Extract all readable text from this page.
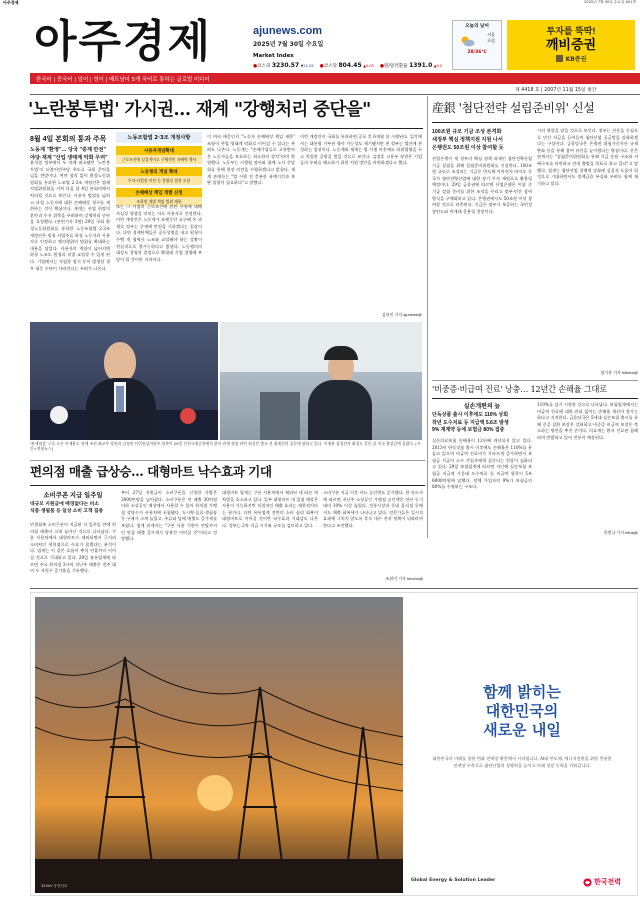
아주경제	2025년 7월 30일 수요일 A01면
아주경제	ajunews.com
2025년 7월 30일 수요일
Market Index
●코스피 3230.57 ▼21.05 ●코스닥 804.45 ▲0.05 ●원/달러환율 1391.0 ▲9.0
오늘의 날씨
서울
흐림
28/36℃
투자를 뚝딱!
깨비증권
KB증권
한국어 | 중국어 | 일어 | 영어 | 베트남어 5개 국어로 통하는 글로벌 미디어
제 4418 호 | 2007년 11월 15일 창간
'노란봉투법' 가시권… 재계 "강행처리 중단을"
8월 4일 본회의 통과 주목
노동계 "환영"… 당국 "중재 만전"
야당·재계 "산업 생태계 악화 우려"
윤석열 정부에서 두 차례 좌초됐던 '노란봉투법'이 더불어민주당 주도로 국회 문턱을 넘을 전망이다. 여야 합의 없이 환경노동위원회를 통과한 노조법 2·3조 개정안은 법제사법위원회를 거쳐 다음 달 4일 본회의에서 처리될 것으로 보인다. 사용자 범위를 넓히고 파업 노동자에 대한 손해배상 청구를 제한하는 것이 핵심이다. 재계는 산업 현장의 혼란과 투자 위축을 우려하며 강행처리 중단을 요청했다. (관련기사 3면) 29일 국회 환경노동위원회를 통과한 노동조합법 2·3조 개정안은 원청 사업주를 하청 노동자의 사용자로 인정하고 쟁의행위의 범위를 확대하는 내용을 담았다. 사용자의 개념이 넓어지면 하청 노조도 원청과 직접 교섭할 수 있게 된다. 기업에서는 사업장 점거 등이 발생할 경우 대응 수단이 사라진다는 우려가 나온다.
노동조합법 2·3조 개정사항
사용자개념확대
근로조건에 실질적이고 구체적인 지배력 행사
노동쟁의 개념 확대
투자·사업장 이전 등 경영상 결정 포함
손해배상 책임 개별 산정
조합원 개별 책임 범위 제한
또는 그 사업의 근로조건에 관한 사항에 대해 사실상 영향을 미치는 자도 사용자로 인정한다. 이번 개정안은 노동계가 오랫동안 요구해 온 과제로 정부는 중재에 만전을 기하겠다는 입장이다. 다만 경제단체들은 공동성명을 내고 원청이 수백 개 협력사 노조와 교섭해야 하는 상황이 현실적으로 불가능하다고 밝혔다. 노동쟁의의 대상도 경영상 결정으로 확대돼 기업 경영에 부담이 될 것이란 지적이다.
이 여파 때문인지 "노동자 손해배상 책임 제한" 조항이 산업 생태계 악화로 이어질 수 있다는 우려도 나온다. 노동계는 "손배가압류로 고통받아온 노동자들을 보호하는 최소한의 장치"라며 환영했다. 노동부는 시행령 정비와 함께 노사 간담회를 통해 현장 의견을 수렴하겠다고 밝혔다. 재계 관계자는 "법 시행 전 충분한 유예기간과 보완 입법이 필요하다"고 말했다.
이번 개정안이 국회를 통과하면 공포 후 6개월 뒤 시행된다. 일각에서는 대통령 거부권 행사 가능성도 제기됐지만 현 정부는 법안에 찬성하는 입장이다. 노동계와 재계는 법 시행 이후에도 하위법령을 두고 치열한 공방을 벌일 것으로 보인다. 김정훈 고용부 장관은 기업들의 우려를 해소하기 위한 지원 방안을 마련하겠다고 했다.
김유진 기자 ajunews@
'관세협상' 구호 오른 이재용도 함께 조현 외교부 장관과 김정관 산업통상자원부 장관이 29일 인천국제공항에서 한미 관세 협상 관련 워싱턴 출국 전 취재진의 질문에 답하고 있다. 이재용 삼성전자 회장도 같은 날 미국 출장길에 올랐다. [사진=연합뉴스]
産銀 '첨단전략 설립준비위' 신설
100조원 규모 기금 조성 본격화
새정부 핵심 정책지원 지원 나서
은행권도 50조원 이상 참여할 듯
산업은행이 새 정부의 핵심 정책 과제인 첨단전략산업기금 설립을 위해 설립준비위원회를 신설한다. 100조원 규모로 조성되는 기금은 반도체·이차전지·바이오 등 국가 첨단전략산업에 대한 장기 투자 재원으로 활용될 예정이다. 29일 금융권에 따르면 산업은행은 이달 중 기금 설립 준비를 위한 조직을 꾸리고 정부·민간 참여 방식을 구체화하고 있다. 은행권에서도 50조원 이상 참여할 것으로 관측된다. 기금은 정부가 보증하는 국민성장펀드와 연계돼 운용될 전망이다.
시의 역할을 맡을 것으로 보인다. 정부는 산은을 중심으로 민간 자금을 끌어들여 첨단산업 공급망을 강화하겠다는 구상이다. 금융당국은 은행권 위험가중자산 규제 완화 등을 통해 참여 유인을 높이겠다는 방침이다. 산은 관계자는 "설립준비위원회를 통해 기금 운용 구조와 지배구조를 마련하고 연내 출범을 목표로 하고 있다"고 말했다. 업계는 첨단산업 경쟁력 강화에 실질적 도움이 될 것으로 기대하면서도 정책금융 부실화 우려도 함께 제기하고 있다.
정기홍 기자 hidden@
'비중증·비급여 진료' 낭충… 12년간 손해율 그대로
실손개편의 늪
단독상품 출시 이후에도 110% 상회
작년 도수치료 등 지급액 5.6조 발생
9% 재계약 등에 보험금 80% 집중
실손의료보험 손해율이 12년째 개선되지 않고 있다. 2013년 단독상품 출시 이후에도 손해율은 110%를 웃돌고 있으며 비급여 진료비가 가파르게 증가하면서 보험금 지급이 소수 가입자에게 집중되는 현상이 심화되고 있다. 29일 보험업계에 따르면 지난해 실손보험 보험금 지급액 가운데 도수치료 등 비급여 항목이 5조6000억원에 달했다. 전체 가입자의 9%가 보험금의 80%를 수령하는 구조다.
110%를 넘기 시작한 것으로 나타났다. 보험업계에서는 비급여 진료에 대한 관리 없이는 손해율 개선이 불가능하다고 지적한다. 금융당국은 5세대 실손보험 출시를 통해 중증 질환 보장은 강화하고 비중증 비급여 보장은 축소하는 방안을 추진 중이다. 의료계는 환자 진료권 침해라며 반발하고 있어 진통이 예상된다.
한빛나 기자 bitna@
편의점 매출 급상승… 대형마트 낙수효과 기대
소비쿠폰 지급 일주일
대규모 지원금에 배경없다는 비소
식품·생필품 등 일상 소비 고객 집중
민생회복 소비쿠폰이 지급된 지 일주일 만에 편의점 매출이 크게 늘어난 것으로 나타났다. 쿠폰 사용처에서 대형마트가 제외되면서 근거리 소비처인 편의점으로 수요가 몰렸다는 분석이다. 업계는 이 같은 흐름이 추석 연휴까지 이어질 것으로 기대하고 있다. 29일 유통업계에 따르면 주요 편의점 3사의 지난주 매출은 전주 대비 두 자릿수 증가율을 기록했다.
부터 27일 지원금이 소비쿠폰을 신청한 사람은 3000만명을 넘어섰다. 소비쿠폰은 연 매출 30억원 이하 소상공인 매장에서 사용할 수 있어 편의점 가맹점 상당수가 사용처에 포함됐다. 도시락·음료·생필품 등 구매가 크게 늘었고, 주류와 담배 매출도 증가세를 보였다. 업계 관계자는 "쿠폰 사용 기한이 연말까지인 만큼 매출 증가세가 당분간 이어질 것"이라고 전망했다.
대형마트 업계는 쿠폰 사용처에서 제외된 데 따른 역차별을 호소하고 있다. 일부 대형마트 내 입점 매장은 사용이 가능하지만 직접적인 매출 효과는 제한적이라는 평가다. 다만 유통업계 전반의 소비 심리 회복이 대형마트로 이어질 것이란 낙수효과 기대감도 나온다. 정부는 2차 지급 시기와 규모를 검토하고 있다.
소비쿠폰 지급 이후 카드 승인액도 증가했다. 한 카드사에 따르면 지난주 소상공인 가맹점 승인액은 전년 동기 대비 10% 이상 늘었다. 전통시장과 동네 음식점 등에서도 매출 회복세가 나타나고 있다. 전문가들은 일시적 효과에 그치지 않도록 후속 내수 진작 정책이 뒤따라야 한다고 조언했다.
조현미 기자 hmcho@
345kV 송전선로
함께 밝히는
대한민국의
새로운 내일
대한민국의 미래를 향한 변화 전력망 확충에서 시작됩니다. AI와 반도체, 에너지전환을 위한 충분한 전력망 구축으로 첨단산업의 경쟁력을 높이고 미래 성장 동력을 키워갑니다.
Global Energy & Solution Leader	한국전력
